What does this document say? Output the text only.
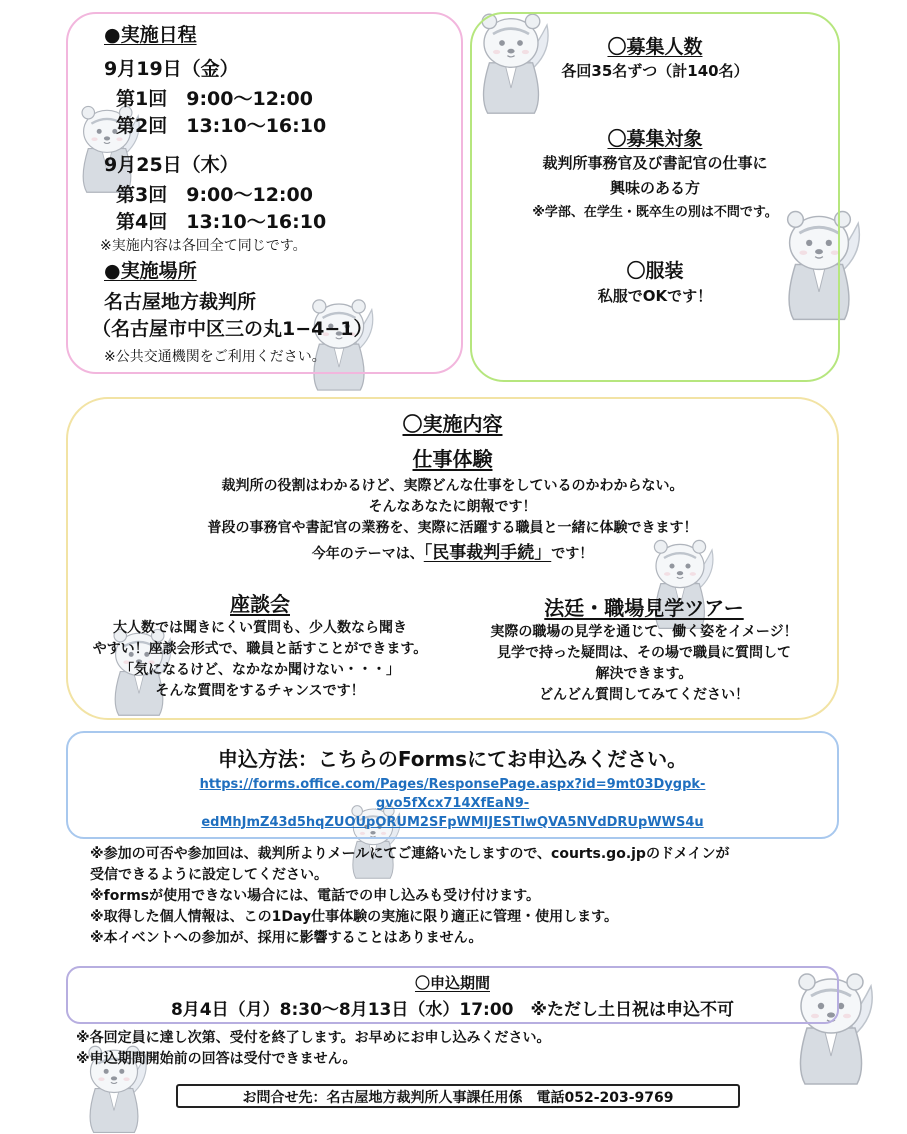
●実施日程
9月19日（金）
第1回　9:00〜12:00
第2回　13:10〜16:10
9月25日（木）
第3回　9:00〜12:00
第4回　13:10〜16:10
※実施内容は各回全て同じです。
●実施場所
名古屋地方裁判所
（名古屋市中区三の丸1−4−1）
※公共交通機関をご利用ください。
〇募集人数
各回35名ずつ（計140名）
〇募集対象
裁判所事務官及び書記官の仕事に
興味のある方
※学部、在学生・既卒生の別は不問です。
〇服装
私服でOKです！
〇実施内容
仕事体験
裁判所の役割はわかるけど、実際どんな仕事をしているのかわからない。
そんなあなたに朗報です！
普段の事務官や書記官の業務を、実際に活躍する職員と一緒に体験できます！
今年のテーマは、「民事裁判手続」です！
座談会
大人数では聞きにくい質問も、少人数なら聞き
やすい！座談会形式で、職員と話すことができます。
「気になるけど、なかなか聞けない・・・」
そんな質問をするチャンスです！
法廷・職場見学ツアー
実際の職場の見学を通じて、働く姿をイメージ！
見学で持った疑問は、その場で職員に質問して
解決できます。
どんどん質問してみてください！
申込方法：こちらのFormsにてお申込みください。
https://forms.office.com/Pages/ResponsePage.aspx?id=9mt03Dygpk-
gvo5fXcx714XfEaN9-
edMhJmZ43d5hqZUOUpORUM2SFpWMlJESTIwQVA5NVdDRUpWWS4u
※参加の可否や参加回は、裁判所よりメールにてご連絡いたしますので、courts.go.jpのドメインが
受信できるように設定してください。
※formsが使用できない場合には、電話での申し込みも受け付けます。
※取得した個人情報は、この1Day仕事体験の実施に限り適正に管理・使用します。
※本イベントへの参加が、採用に影響することはありません。
〇申込期間
8月4日（月）8:30〜8月13日（水）17:00　※ただし土日祝は申込不可
※各回定員に達し次第、受付を終了します。お早めにお申し込みください。
※申込期間開始前の回答は受付できません。
お問合せ先：名古屋地方裁判所人事課任用係　電話052-203-9769
